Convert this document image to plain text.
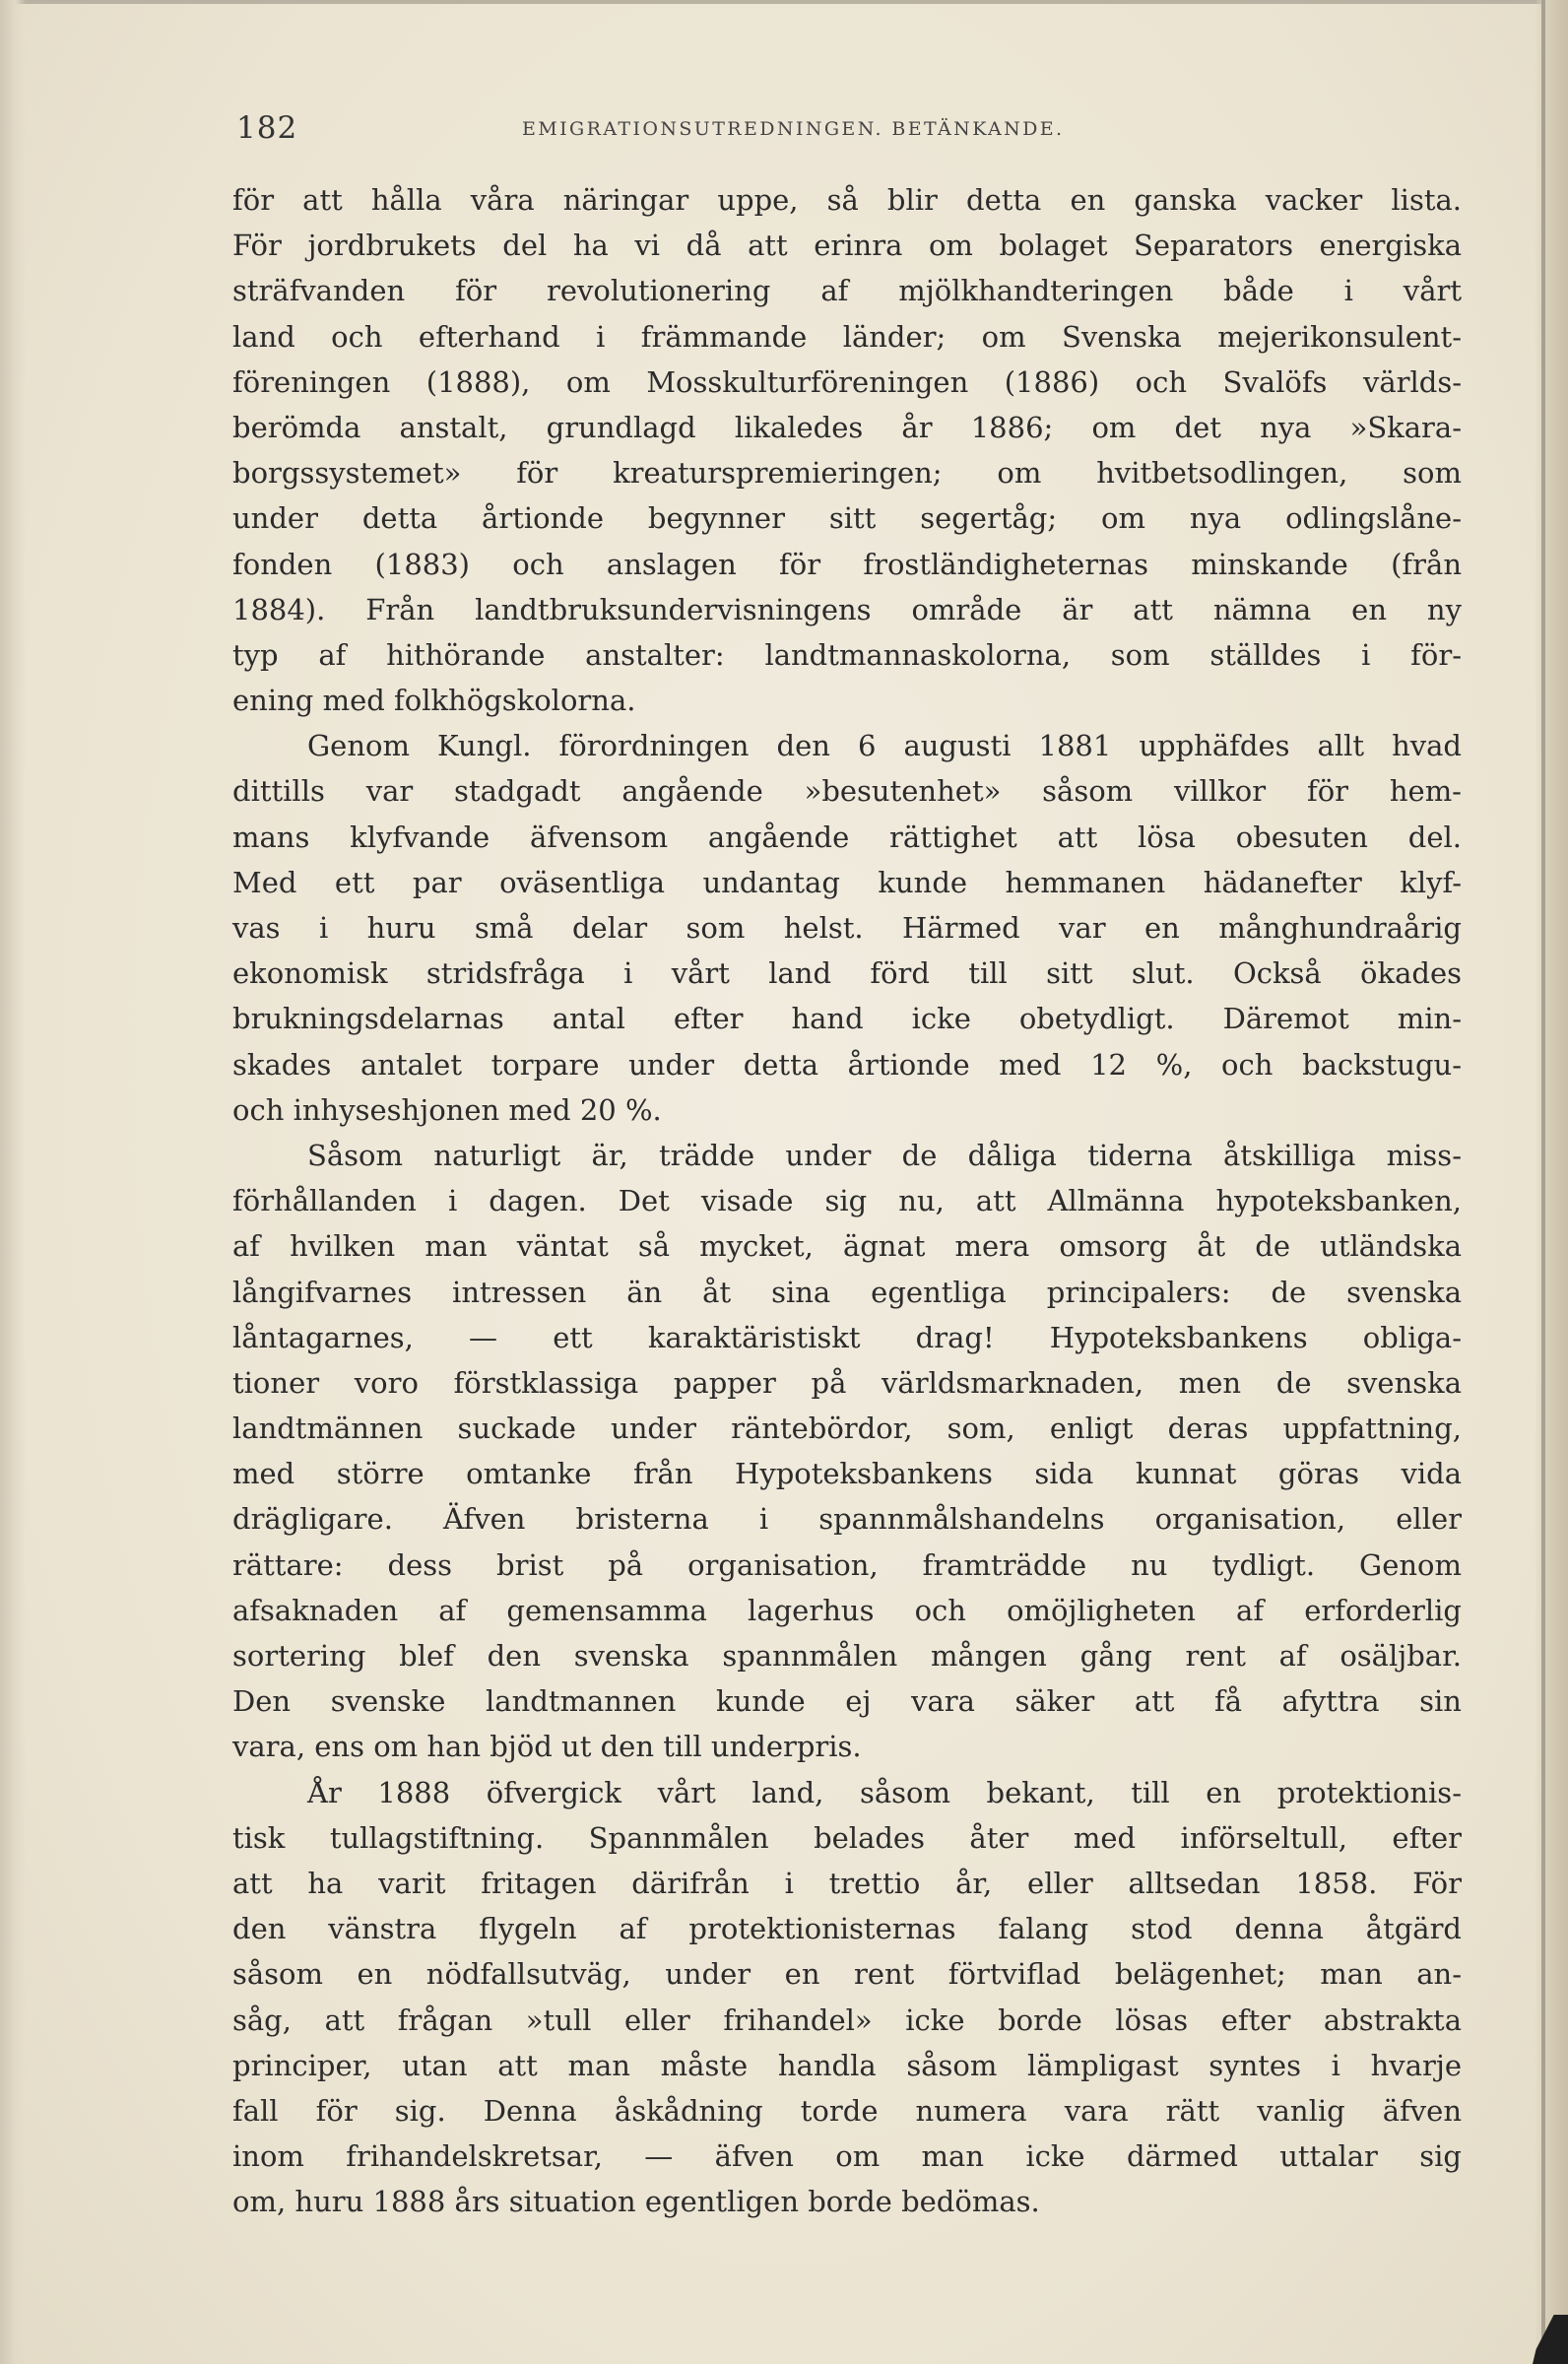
182	EMIGRATIONSUTREDNINGEN. BETÄNKANDE.
för att hålla våra näringar uppe, så blir detta en ganska vacker lista.
För jordbrukets del ha vi då att erinra om bolaget Separators energiska
sträfvanden för revolutionering af mjölkhandteringen både i vårt
land och efterhand i främmande länder; om Svenska mejerikonsulent-
föreningen (1888), om Mosskulturföreningen (1886) och Svalöfs världs-
berömda anstalt, grundlagd likaledes år 1886; om det nya »Skara-
borgssystemet» för kreaturspremieringen; om hvitbetsodlingen, som
under detta årtionde begynner sitt segertåg; om nya odlingslåne-
fonden (1883) och anslagen för frostländigheternas minskande (från
1884). Från landtbruksundervisningens område är att nämna en ny
typ af hithörande anstalter: landtmannaskolorna, som ställdes i för-
ening med folkhögskolorna.
Genom Kungl. förordningen den 6 augusti 1881 upphäfdes allt hvad
dittills var stadgadt angående »besutenhet» såsom villkor för hem-
mans klyfvande äfvensom angående rättighet att lösa obesuten del.
Med ett par oväsentliga undantag kunde hemmanen hädanefter klyf-
vas i huru små delar som helst. Härmed var en månghundraårig
ekonomisk stridsfråga i vårt land förd till sitt slut. Också ökades
brukningsdelarnas antal efter hand icke obetydligt. Däremot min-
skades antalet torpare under detta årtionde med 12 %, och backstugu-
och inhyseshjonen med 20 %.
Såsom naturligt är, trädde under de dåliga tiderna åtskilliga miss-
förhållanden i dagen. Det visade sig nu, att Allmänna hypoteksbanken,
af hvilken man väntat så mycket, ägnat mera omsorg åt de utländska
långifvarnes intressen än åt sina egentliga principalers: de svenska
låntagarnes, — ett karaktäristiskt drag! Hypoteksbankens obliga-
tioner voro förstklassiga papper på världsmarknaden, men de svenska
landtmännen suckade under räntebördor, som, enligt deras uppfattning,
med större omtanke från Hypoteksbankens sida kunnat göras vida
drägligare. Äfven bristerna i spannmålshandelns organisation, eller
rättare: dess brist på organisation, framträdde nu tydligt. Genom
afsaknaden af gemensamma lagerhus och omöjligheten af erforderlig
sortering blef den svenska spannmålen mången gång rent af osäljbar.
Den svenske landtmannen kunde ej vara säker att få afyttra sin
vara, ens om han bjöd ut den till underpris.
År 1888 öfvergick vårt land, såsom bekant, till en protektionis-
tisk tullagstiftning. Spannmålen belades åter med införseltull, efter
att ha varit fritagen därifrån i trettio år, eller alltsedan 1858. För
den vänstra flygeln af protektionisternas falang stod denna åtgärd
såsom en nödfallsutväg, under en rent förtviflad belägenhet; man an-
såg, att frågan »tull eller frihandel» icke borde lösas efter abstrakta
principer, utan att man måste handla såsom lämpligast syntes i hvarje
fall för sig. Denna åskådning torde numera vara rätt vanlig äfven
inom frihandelskretsar, — äfven om man icke därmed uttalar sig
om, huru 1888 års situation egentligen borde bedömas.
